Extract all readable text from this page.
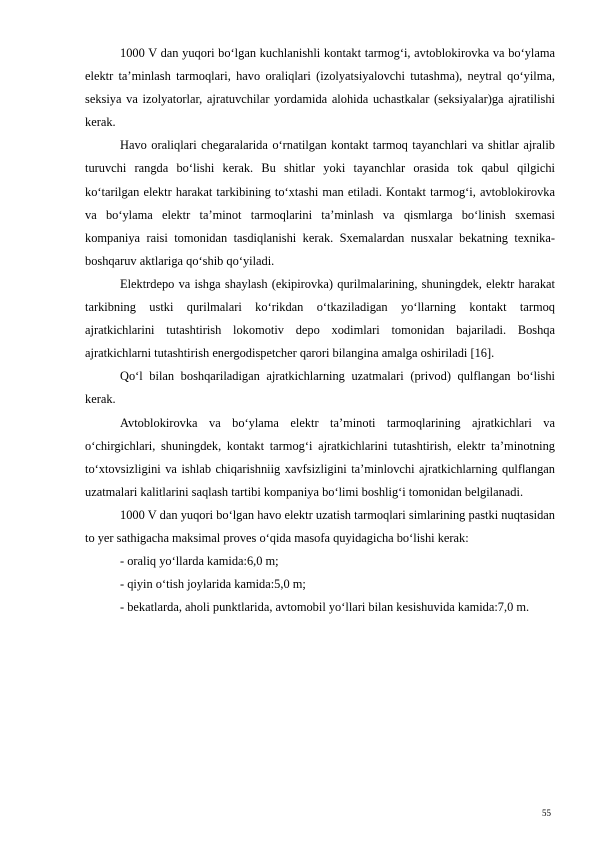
1000 V dan yuqori bo‘lgan kuchlanishli kontakt tarmog‘i, avtoblokirovka va bo‘ylama elektr ta’minlash tarmoqlari, havo oraliqlari (izolyatsiyalovchi tutashma), neytral qo‘yilma, seksiya va izolyatorlar, ajratuvchilar yordamida alohida uchastkalar (seksiyalar)ga ajratilishi kerak.

Havo oraliqlari chegaralarida o‘rnatilgan kontakt tarmoq tayanchlari va shitlar ajralib turuvchi rangda bo‘lishi kerak. Bu shitlar yoki tayanchlar orasida tok qabul qilgichi ko‘tarilgan elektr harakat tarkibining to‘xtashi man etiladi. Kontakt tarmog‘i, avtoblokirovka va bo‘ylama elektr ta’minot tarmoqlarini ta’minlash va qismlarga bo‘linish sxemasi kompaniya raisi tomonidan tasdiqlanishi kerak. Sxemalardan nusxalar bekatning texnika-boshqaruv aktlariga qo‘shib qo‘yiladi.

Elektrdepo va ishga shaylash (ekipirovka) qurilmalarining, shuningdek, elektr harakat tarkibning ustki qurilmalari ko‘rikdan o‘tkaziladigan yo‘llarning kontakt tarmoq ajratkichlarini tutashtirish lokomotiv depo xodimlari tomonidan bajariladi. Boshqa ajratkichlarni tutashtirish energodispetcher qarori bilangina amalga oshiriladi [16].

Qo‘l bilan boshqariladigan ajratkichlarning uzatmalari (privod) qulflangan bo‘lishi kerak.

Avtoblokirovka va bo‘ylama elektr ta’minoti tarmoqlarining ajratkichlari va o‘chirgichlari, shuningdek, kontakt tarmog‘i ajratkichlarini tutashtirish, elektr ta’minotning to‘xtovsizligini va ishlab chiqarishniig xavfsizligini ta’minlovchi ajratkichlarning qulflangan uzatmalari kalitlarini saqlash tartibi kompaniya bo‘limi boshlig‘i tomonidan belgilanadi.

1000 V dan yuqori bo‘lgan havo elektr uzatish tarmoqlari simlarining pastki nuqtasidan to yer sathigacha maksimal proves o‘qida masofa quyidagicha bo‘lishi kerak:

- oraliq yo‘llarda kamida:6,0 m;

- qiyin o‘tish joylarida kamida:5,0 m;

- bekatlarda, aholi punktlarida, avtomobil yo‘llari bilan kesishuvida kamida:7,0 m.

55
